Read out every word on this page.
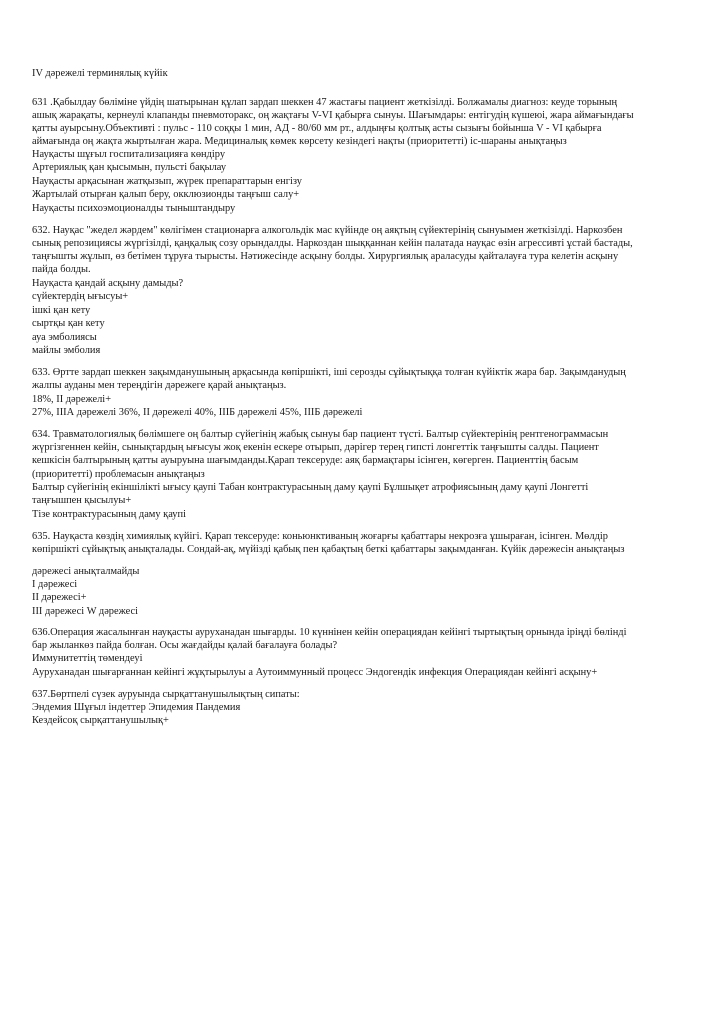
IV дәрежелі терминялық күйік
631 .Қабылдау бөліміне үйдің шатырынан құлап зардап шеккен 47 жастағы пациент жеткізілді. Болжамалы диагноз: кеуде торының
ашық жарақаты, кернеулі клапанды пневмоторакс, оң жақтағы V-VI қабырға сынуы. Шағымдары: ентігудің күшеюі, жара аймағындағы
қатты ауырсыну.Объективті : пульс - 110 соққы 1 мин, АД - 80/60 мм рт., алдыңғы қолтық асты сызығы бойынша V - VI қабырға
аймағында оң жақта жыртылған жара. Медициналық көмек көрсету кезіндегі нақты (приоритетті) іс-шараны анықтаңыз
Науқасты шұғыл госпитализацияға көндіру
Артериялық қан қысымын, пульсті бақылау
Науқасты арқасынан жатқызып, жүрек препараттарын енгізу
Жартылай отырған қалып беру, окклюзионды таңғыш салу+
Науқасты психоэмоционалды тыныштандыру
632. Науқас "жедел жәрдем" көлігімен стационарға алкогольдік мас күйінде оң аяқтың сүйектерінің сынуымен жеткізілді. Наркозбен
сынық репозициясы жүргізілді, қаңқалық созу орындалды. Наркоздан шыққаннан кейін палатада науқас өзін агрессивті ұстай бастады,
таңғышты жұлып, өз бетімен тұруға тырысты. Нәтижесінде асқыну болды. Хирургиялық араласуды қайталауға тура келетін асқыну
пайда болды.
Науқаста қандай асқыну дамыды?
сүйектердің ығысуы+
ішкі қан кету
сыртқы қан кету
ауа эмболиясы
майлы эмболия
633. Өртте зардап шеккен зақымданушының арқасында көпіршікті, іші серозды сұйықтыққа толған күйіктік жара бар. Зақымданудың
жалпы ауданы мен тереңдігін дәрежеге қарай анықтаңыз.
18%, II дәрежелі+
27%, IIIА дәрежелі 36%, II дәрежелі 40%, IIIБ дәрежелі 45%, IIIБ дәрежелі
634. Травматологиялық бөлімшеге оң балтыр сүйегінің жабық сынуы бар пациент түсті. Балтыр сүйектерінің рентгенограммасын
жүргізгеннен кейін, сынықтардың ығысуы жоқ екенін ескере отырып, дәрігер терең гипсті лонгеттік таңғышты салды. Пациент
кешкісін балтырының қатты ауыруына шағымданды.Қарап тексеруде: аяқ бармақтары ісінген, көгерген. Пациенттің басым
(приоритетті) проблемасын анықтаңыз
Балтыр сүйегінің екіншілікті ығысу қаупі Табан контрактурасының даму қаупі Бұлшықет атрофиясының даму қаупі Лонгетті
таңғышпен қысылуы+
Тізе контрактурасының даму қаупі
635. Науқаста көздің химиялық күйігі. Қарап тексеруде: коньюнктиваның жоғарғы қабаттары некрозға ұшыраған, ісінген. Мөлдір
көпіршікті сұйықтық анықталады. Сондай-ақ, мүйізді қабық пен қабақтың беткі қабаттары зақымданған. Күйік дәрежесін анықтаңыз
дәрежесі анықталмайды
I дәрежесі
II дәрежесі+
III дәрежесі W дәрежесі
636.Операция жасалынған науқасты ауруханадан шығарды. 10 күннінен кейін операциядан кейінгі тыртықтың орнында іріңді бөлінді
бар жыланкөз пайда болған. Осы жағдайды қалай бағалауға болады?
Иммунитеттің төмендеуі
Ауруханадан шығарғаннан кейінгі жұқтырылуы а Аутоиммунный процесс Эндогендік инфекция Операциядан кейінгі асқыну+
637.Бөртпелі сүзек ауруында сырқаттанушылықтың сипаты:
Эндемия Шұғыл індеттер Эпидемия Пандемия
Кездейсоқ сырқаттанушылық+
